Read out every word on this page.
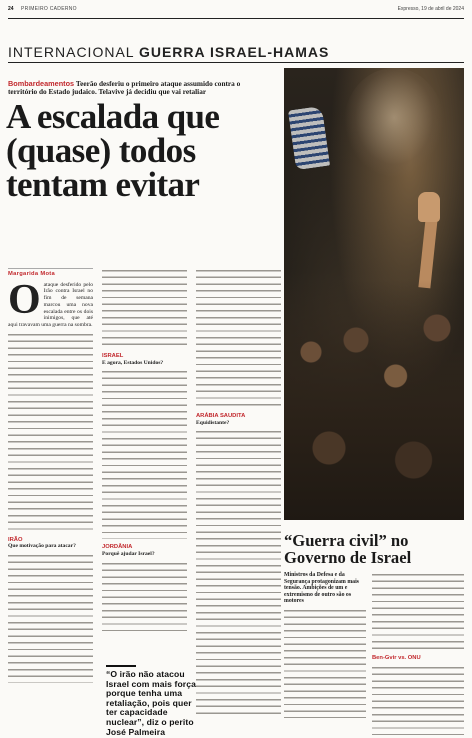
24 PRIMEIRO CADERNO	Expresso, 19 de abril de 2024
INTERNACIONAL GUERRA ISRAEL-HAMAS
Bombardeamentos Teerão desferiu o primeiro ataque assumido contra o território do Estado judaico. Telavive já decidiu que vai retaliar
A escalada que (quase) todos tentam evitar
Margarida Mota
O ataque desferido pelo Irão contra Israel no fim de semana marcou uma nova escalada entre os dois inimigos, que até aqui travavam uma guerra na sombra.
IRÃO
Que motivação para atacar?
ISRAEL
E agora, Estados Unidos?
JORDÂNIA
Porquê ajudar Israel?
ARÁBIA SAUDITA
Equidistante?
“O irão não atacou Israel com mais força porque tenha uma retaliação, pois quer ter capacidade nuclear”, diz o perito José Palmeira
“Guerra civil” no Governo de Israel
Ministros da Defesa e da Segurança protagonizam mais tensão. Ambições de um e extremismo de outro são os motores
Ben-Gvir vs. ONU
